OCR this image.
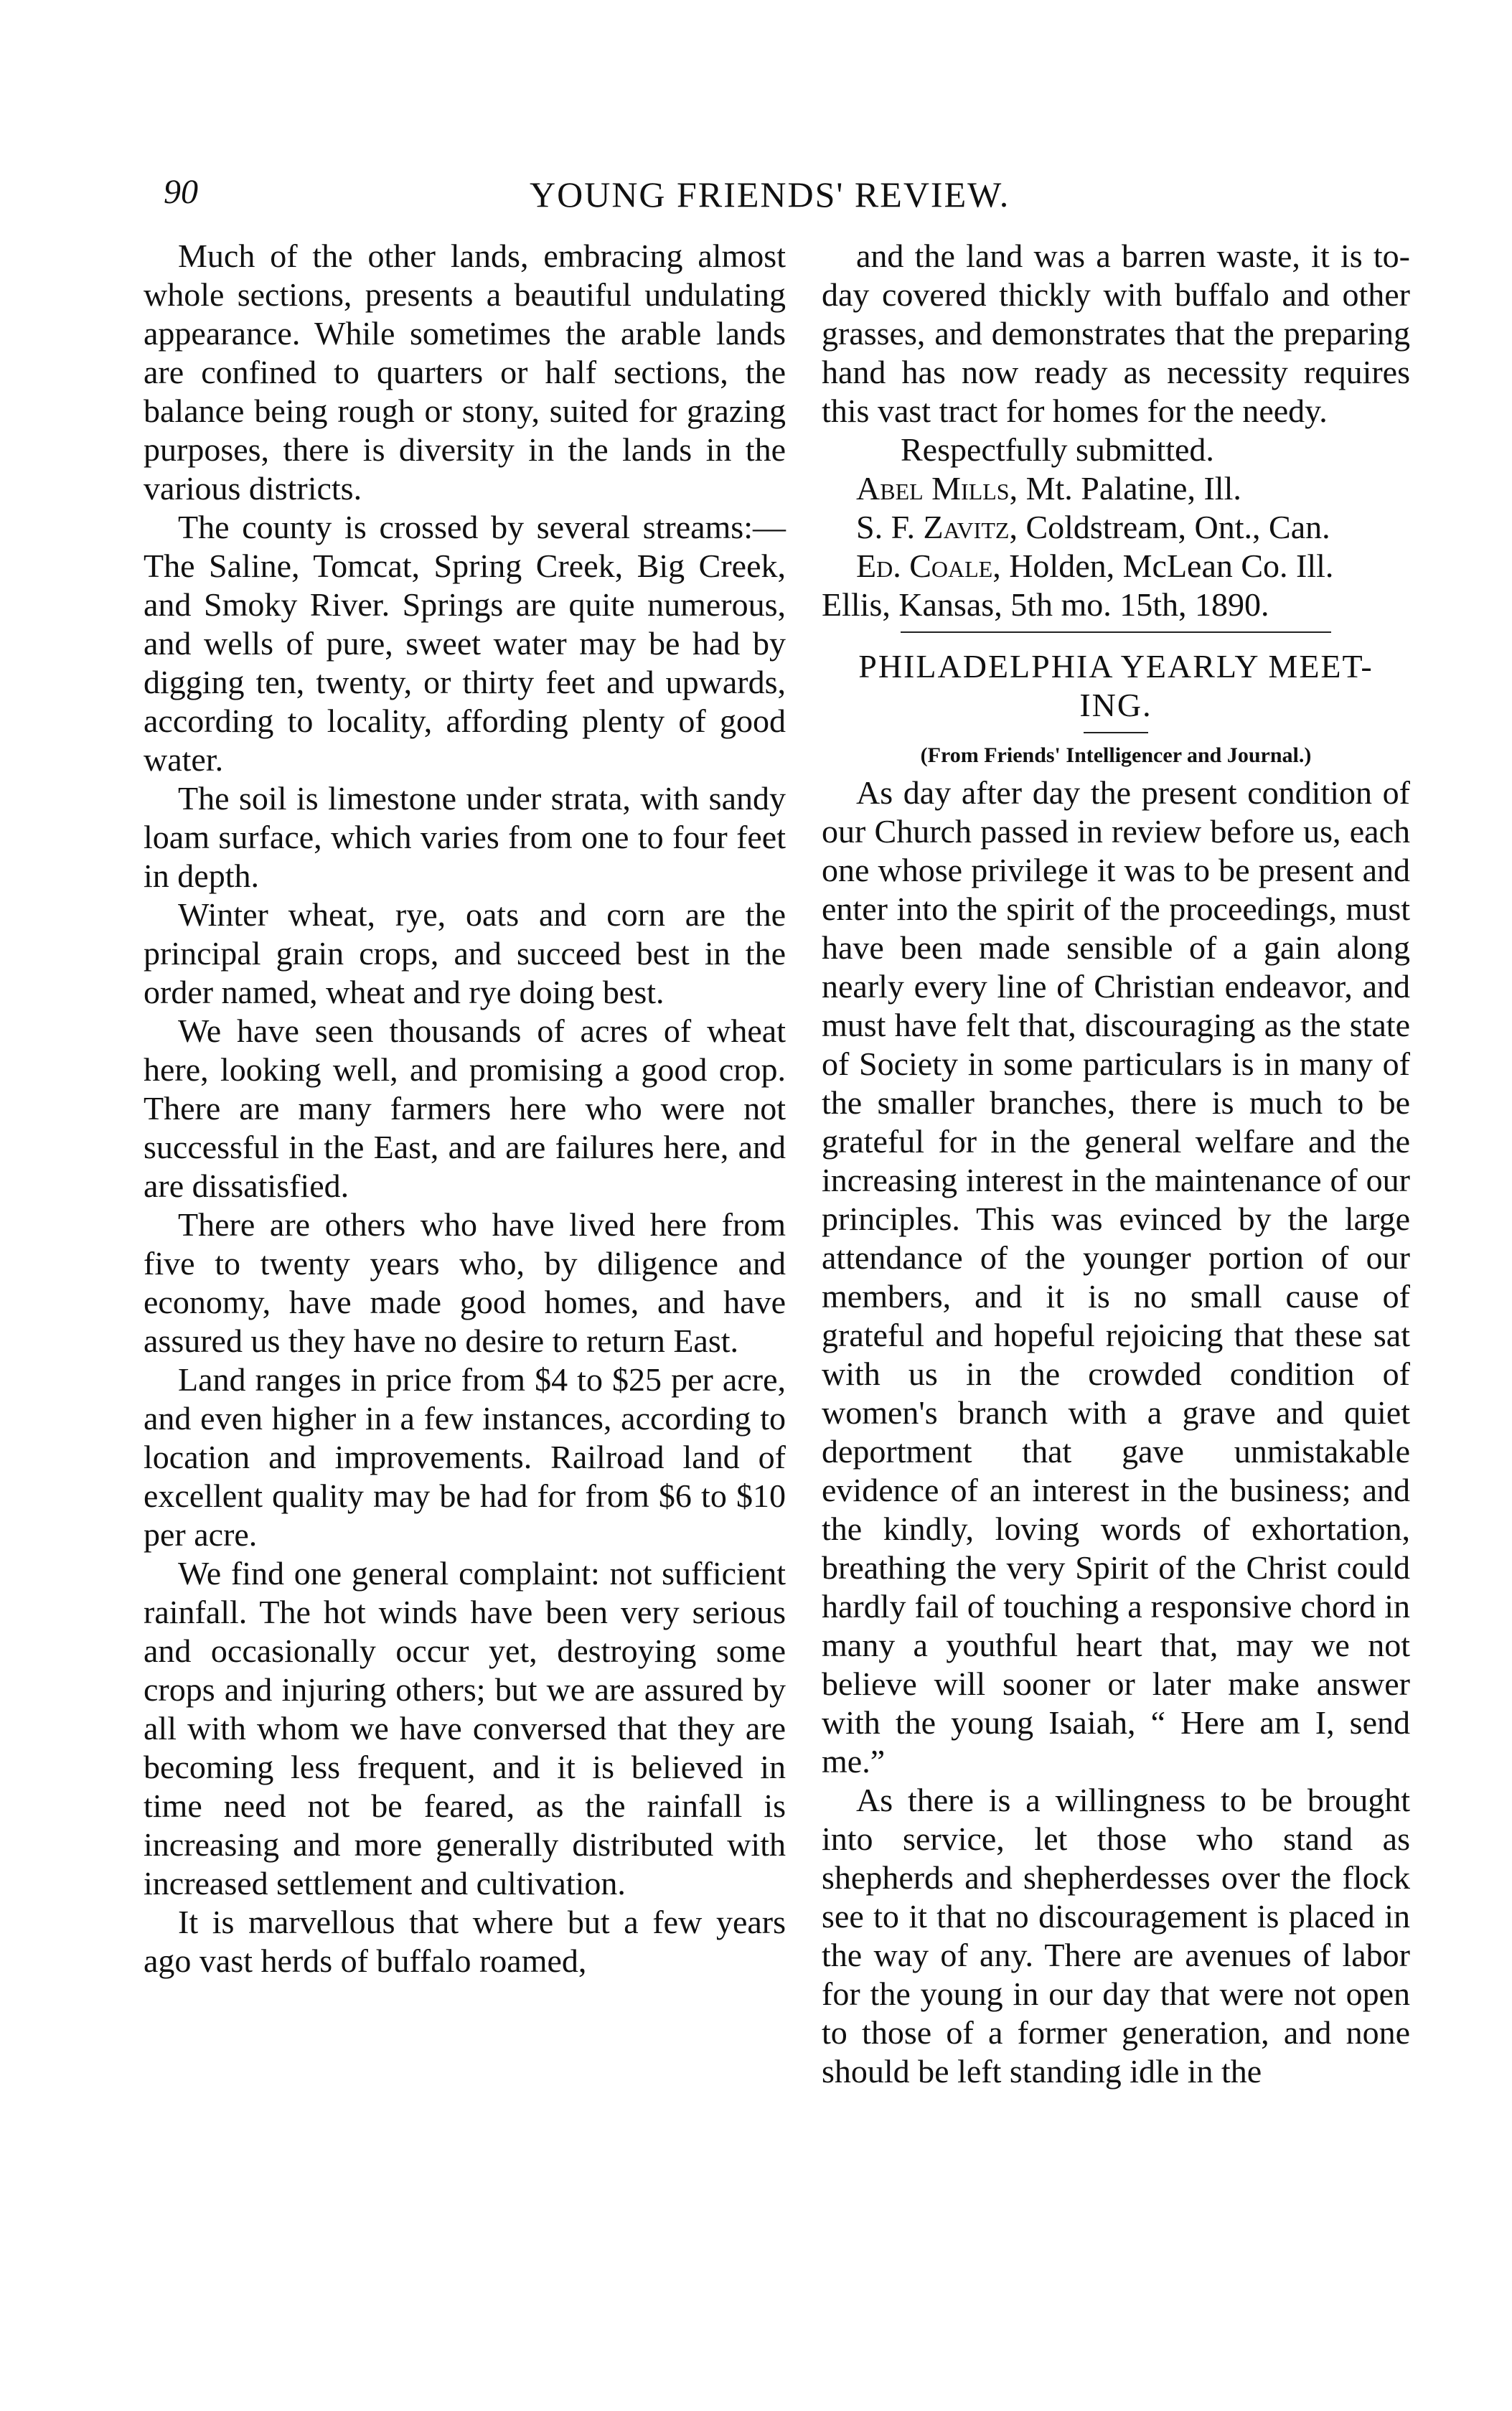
90	YOUNG FRIENDS' REVIEW.

Much of the other lands, embracing almost whole sections, presents a beautiful undulating appearance. While sometimes the arable lands are confined to quarters or half sections, the balance being rough or stony, suited for grazing purposes, there is diversity in the lands in the various districts.

The county is crossed by several streams:—The Saline, Tomcat, Spring Creek, Big Creek, and Smoky River. Springs are quite numerous, and wells of pure, sweet water may be had by digging ten, twenty, or thirty feet and upwards, according to locality, affording plenty of good water.

The soil is limestone under strata, with sandy loam surface, which varies from one to four feet in depth.

Winter wheat, rye, oats and corn are the principal grain crops, and succeed best in the order named, wheat and rye doing best.

We have seen thousands of acres of wheat here, looking well, and promising a good crop. There are many farmers here who were not successful in the East, and are failures here, and are dissatisfied.

There are others who have lived here from five to twenty years who, by diligence and economy, have made good homes, and have assured us they have no desire to return East.

Land ranges in price from $4 to $25 per acre, and even higher in a few instances, according to location and improvements. Railroad land of excellent quality may be had for from $6 to $10 per acre.

We find one general complaint: not sufficient rainfall. The hot winds have been very serious and occasionally occur yet, destroying some crops and injuring others; but we are assured by all with whom we have conversed that they are becoming less frequent, and it is believed in time need not be feared, as the rainfall is increasing and more generally distributed with increased settlement and cultivation.

It is marvellous that where but a few years ago vast herds of buffalo roamed,

and the land was a barren waste, it is to-day covered thickly with buffalo and other grasses, and demonstrates that the preparing hand has now ready as necessity requires this vast tract for homes for the needy.

Respectfully submitted.

Abel Mills, Mt. Palatine, Ill.

S. F. Zavitz, Coldstream, Ont., Can.

Ed. Coale, Holden, McLean Co. Ill.

Ellis, Kansas, 5th mo. 15th, 1890.

PHILADELPHIA YEARLY MEET-
ING.
(From Friends' Intelligencer and Journal.)

As day after day the present condition of our Church passed in review before us, each one whose privilege it was to be present and enter into the spirit of the proceedings, must have been made sensible of a gain along nearly every line of Christian endeavor, and must have felt that, discouraging as the state of Society in some particulars is in many of the smaller branches, there is much to be grateful for in the general welfare and the increasing interest in the maintenance of our principles. This was evinced by the large attendance of the younger portion of our members, and it is no small cause of grateful and hopeful rejoicing that these sat with us in the crowded condition of women's branch with a grave and quiet deportment that gave unmistakable evidence of an interest in the business; and the kindly, loving words of exhortation, breathing the very Spirit of the Christ could hardly fail of touching a responsive chord in many a youthful heart that, may we not believe will sooner or later make answer with the young Isaiah, “ Here am I, send me.”

As there is a willingness to be brought into service, let those who stand as shepherds and shepherdesses over the flock see to it that no discouragement is placed in the way of any. There are avenues of labor for the young in our day that were not open to those of a former generation, and none should be left standing idle in the
